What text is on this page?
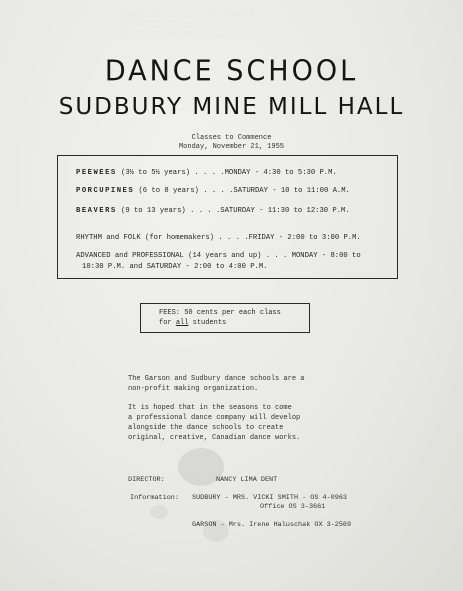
░░░░░░░░░░░░░░░░░░░░░░░░░░
░░░░░░░░░░░░░░░░░░░░░
░░░░░░░░░░░░░░░░░░░░░░░░
DANCE SCHOOL
SUDBURY MINE MILL HALL
Classes to Commence
Monday, November 21, 1955
PEEWEES (3½ to 5½ years) . . . .MONDAY - 4:30 to 5:30 P.M.
PORCUPINES (6 to 8 years) . . . .SATURDAY - 10 to 11:00 A.M.
BEAVERS (9 to 13 years) . . . .SATURDAY - 11:30 to 12:30 P.M.
RHYTHM and FOLK (for homemakers) . . . .FRIDAY - 2:00 to 3:00 P.M.
ADVANCED and PROFESSIONAL (14 years and up) . . . MONDAY - 8:00 to
10:30 P.M. and SATURDAY - 2:00 to 4:00 P.M.
FEES: 50 cents per each class
for all students
The Garson and Sudbury dance schools are a
non-profit making organization.
It is hoped that in the seasons to come
a professional dance company will develop
alongside the dance schools to create
original, creative, Canadian dance works.
DIRECTOR:	NANCY LIMA DENT
Information: SUDBURY - MRS. VICKI SMITH - OS 4-0963
Office OS 3-3661
GARSON - Mrs. Irene Haluschak OX 3-2569
